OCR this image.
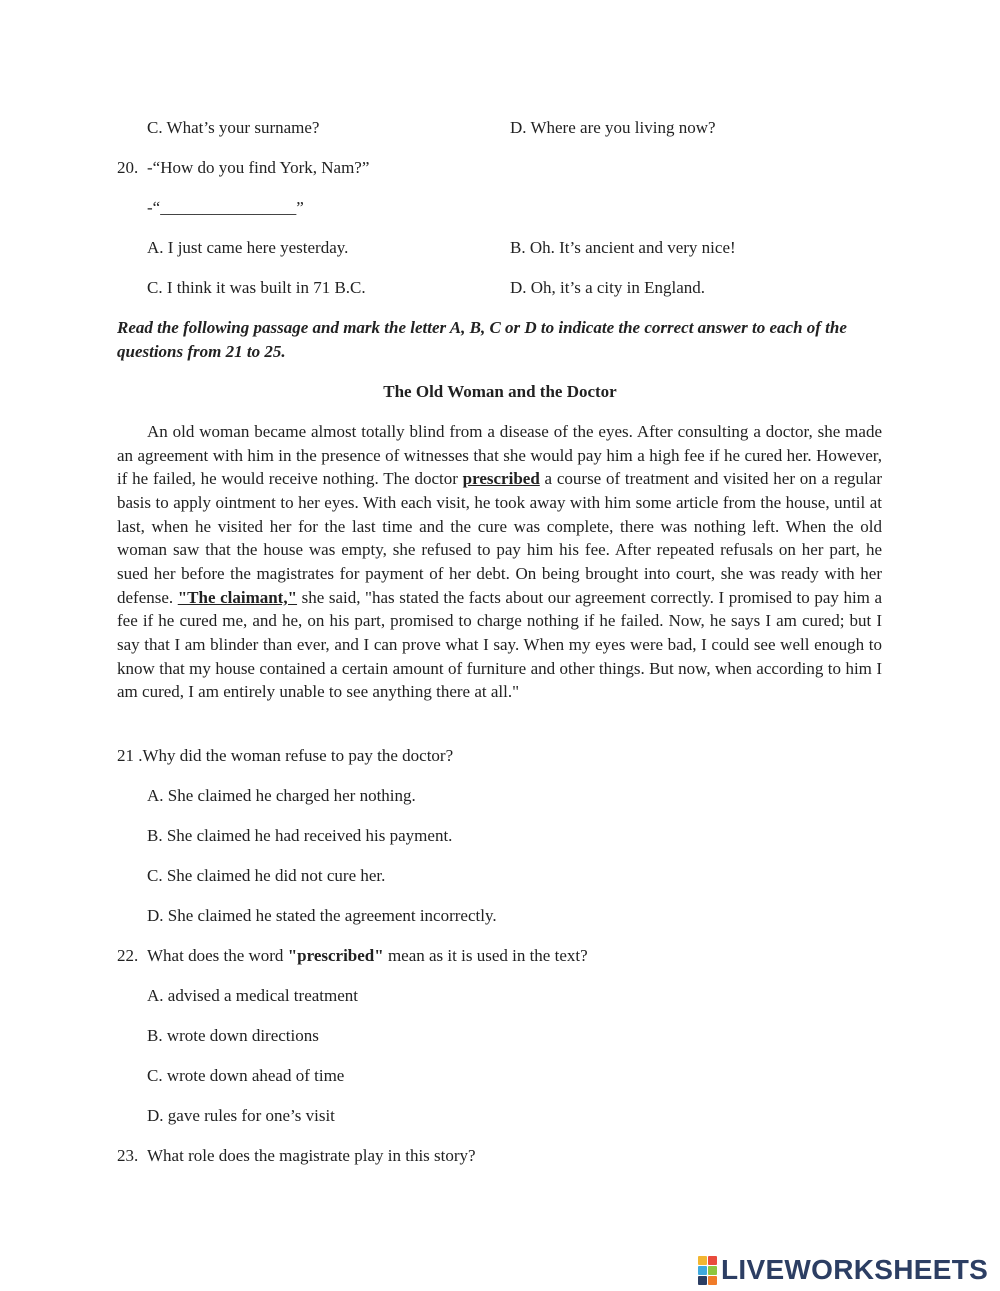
C. What’s your surname?	D. Where are you living now?
20. -“How do you find York, Nam?”
-“________________”
A. I just came here yesterday.	B. Oh. It’s ancient and very nice!
C. I think it was built in 71 B.C.	D. Oh, it’s a city in England.
Read the following passage and mark the letter A, B, C or D to indicate the correct answer to each of the questions from 21 to 25.
The Old Woman and the Doctor
An old woman became almost totally blind from a disease of the eyes. After consulting a doctor, she made an agreement with him in the presence of witnesses that she would pay him a high fee if he cured her. However, if he failed, he would receive nothing. The doctor prescribed a course of treatment and visited her on a regular basis to apply ointment to her eyes. With each visit, he took away with him some article from the house, until at last, when he visited her for the last time and the cure was complete, there was nothing left. When the old woman saw that the house was empty, she refused to pay him his fee. After repeated refusals on her part, he sued her before the magistrates for payment of her debt. On being brought into court, she was ready with her defense. "The claimant," she said, "has stated the facts about our agreement correctly. I promised to pay him a fee if he cured me, and he, on his part, promised to charge nothing if he failed. Now, he says I am cured; but I say that I am blinder than ever, and I can prove what I say. When my eyes were bad, I could see well enough to know that my house contained a certain amount of furniture and other things. But now, when according to him I am cured, I am entirely unable to see anything there at all."
21 .Why did the woman refuse to pay the doctor?
A. She claimed he charged her nothing.
B. She claimed he had received his payment.
C. She claimed he did not cure her.
D. She claimed he stated the agreement incorrectly.
22. What does the word "prescribed" mean as it is used in the text?
A. advised a medical treatment
B. wrote down directions
C. wrote down ahead of time
D. gave rules for one’s visit
23. What role does the magistrate play in this story?
LIVEWORKSHEETS
